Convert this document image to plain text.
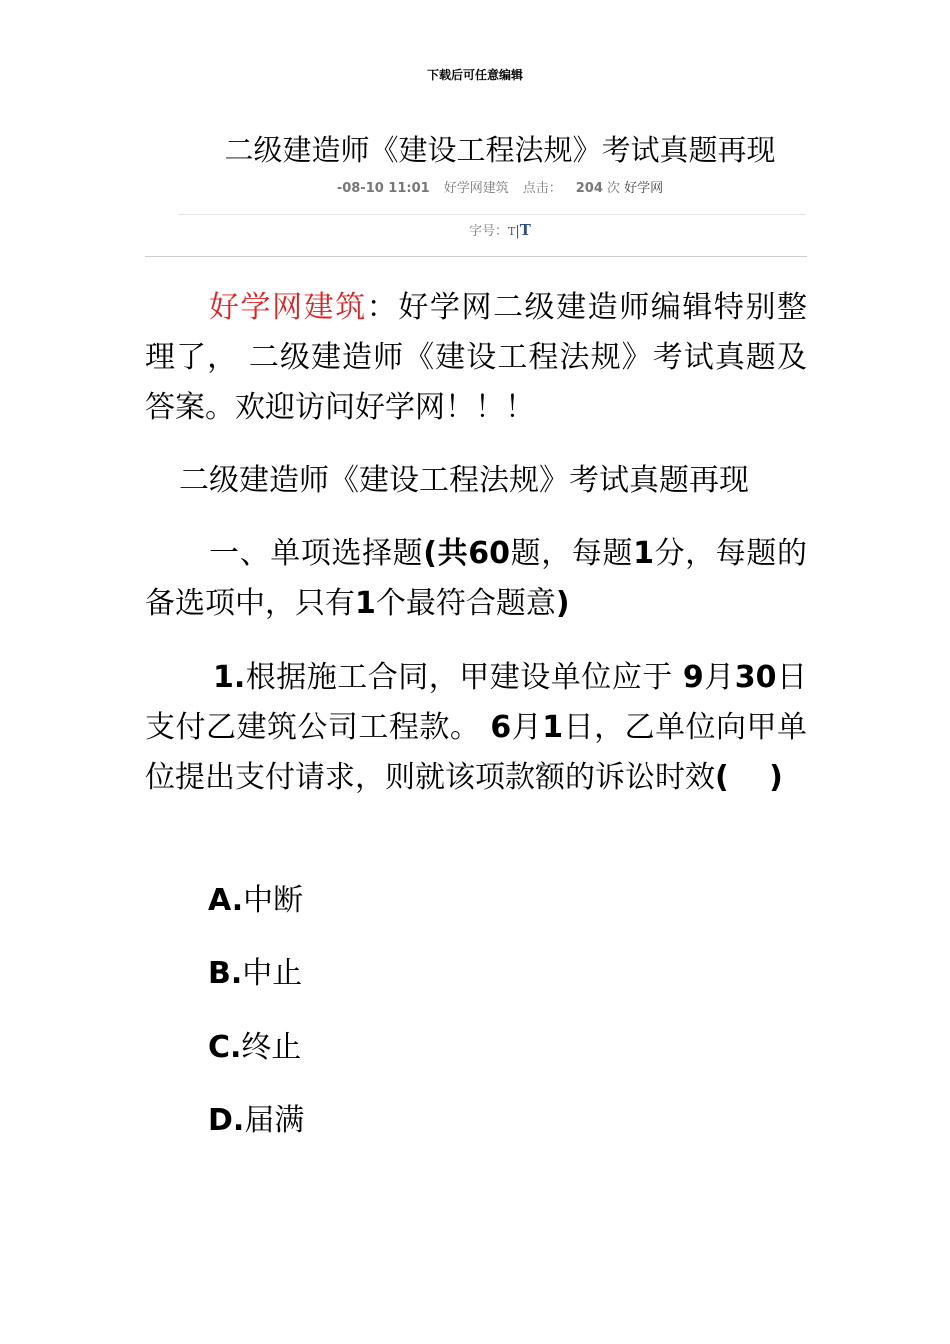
下载后可任意编辑
二级建造师《建设工程法规》考试真题再现
-08-10 11:01 好学网建筑 点击： 204 次 好学网
字号：T|T
好学网建筑：好学网二级建造师编辑特别整理了， 二级建造师《建设工程法规》考试真题及答案。欢迎访问好学网！！！
二级建造师《建设工程法规》考试真题再现
一、单项选择题(共60题，每题1分，每题的备选项中，只有1个最符合题意)
1.根据施工合同，甲建设单位应于 9月30日支付乙建筑公司工程款。 6月1日，乙单位向甲单位提出支付请求，则就该项款额的诉讼时效(　 )
A.中断
B.中止
C.终止
D.届满
